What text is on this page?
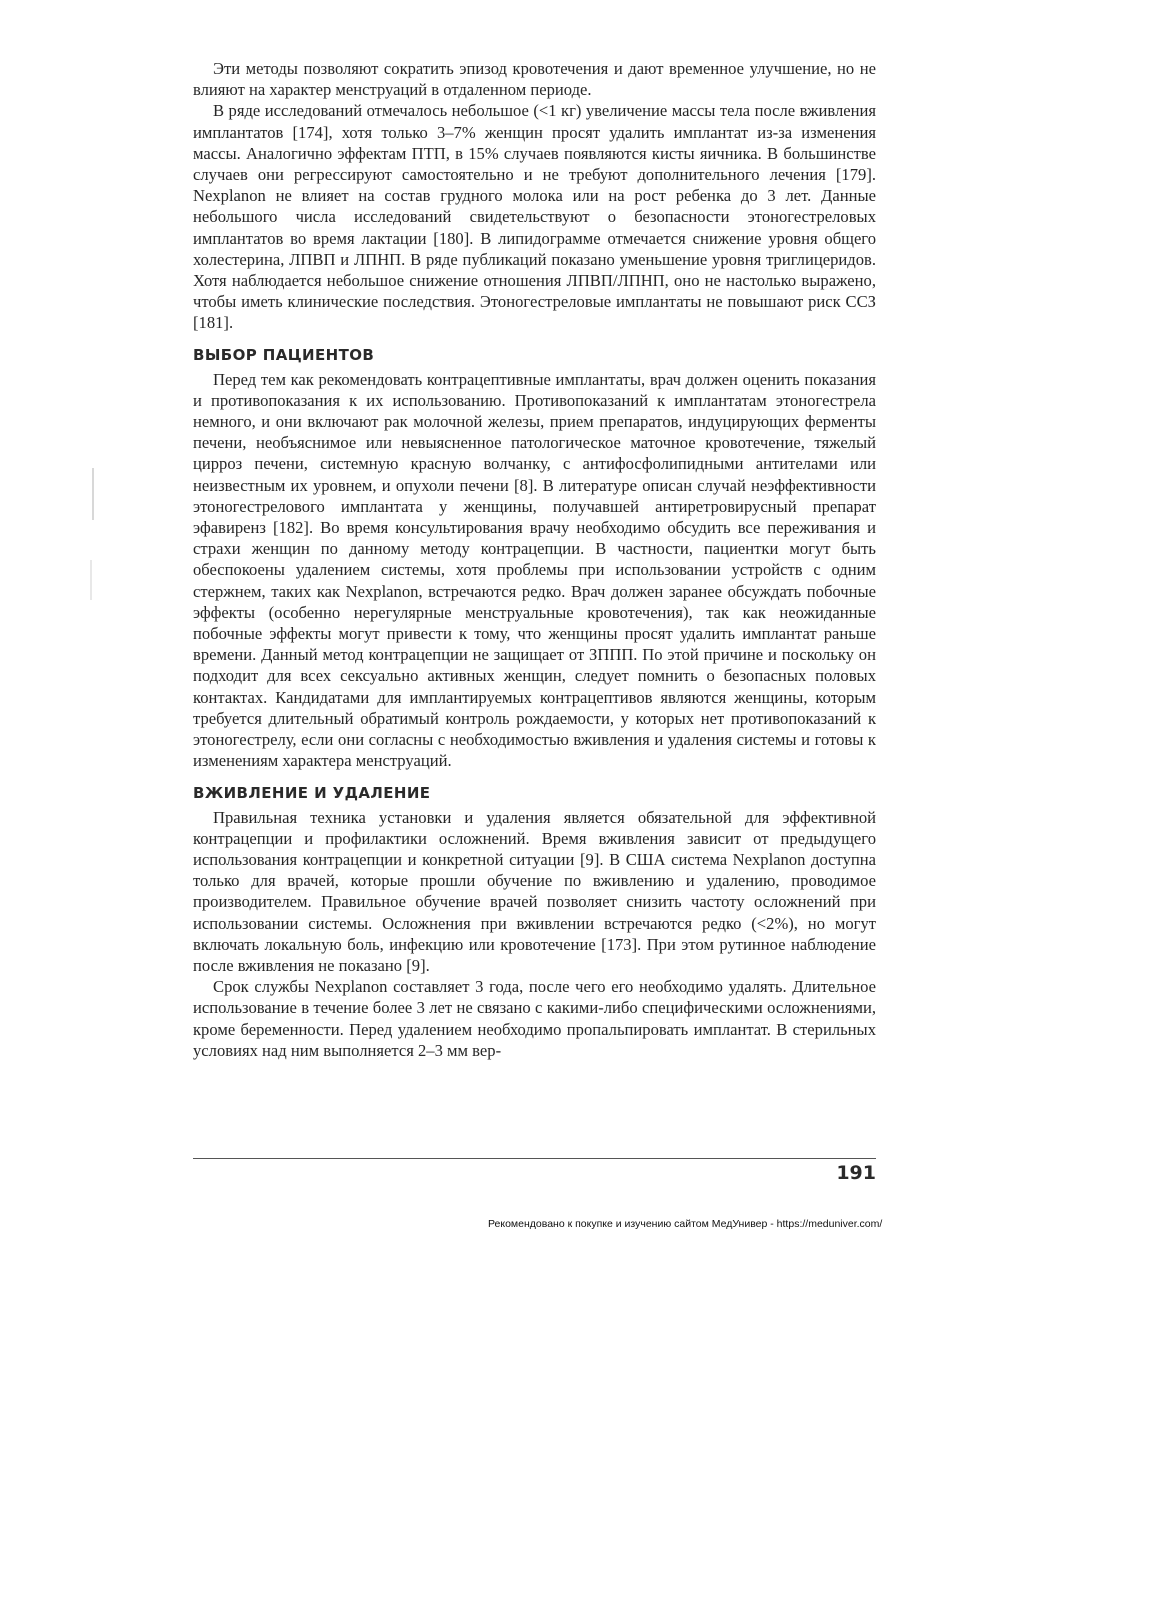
Эти методы позволяют сократить эпизод кровотечения и дают временное улучшение, но не влияют на характер менструаций в отдаленном периоде.

В ряде исследований отмечалось небольшое (<1 кг) увеличение массы тела после вживления имплантатов [174], хотя только 3–7% женщин просят удалить имплантат из-за изменения массы. Аналогично эффектам ПТП, в 15% случаев появляются кисты яичника. В большинстве случаев они регрессируют самостоятельно и не требуют дополнительного лечения [179]. Nexplanon не влияет на состав грудного молока или на рост ребенка до 3 лет. Данные небольшого числа исследований свидетельствуют о безопасности этоногестреловых имплантатов во время лактации [180]. В липидограмме отмечается снижение уровня общего холестерина, ЛПВП и ЛПНП. В ряде публикаций показано уменьшение уровня триглицеридов. Хотя наблюдается небольшое снижение отношения ЛПВП/ЛПНП, оно не настолько выражено, чтобы иметь клинические последствия. Этоногестреловые имплантаты не повышают риск ССЗ [181].

ВЫБОР ПАЦИЕНТОВ

Перед тем как рекомендовать контрацептивные имплантаты, врач должен оценить показания и противопоказания к их использованию. Противопоказаний к имплантатам этоногестрела немного, и они включают рак молочной железы, прием препаратов, индуцирующих ферменты печени, необъяснимое или невыясненное патологическое маточное кровотечение, тяжелый цирроз печени, системную красную волчанку, с антифосфолипидными антителами или неизвестным их уровнем, и опухоли печени [8]. В литературе описан случай неэффективности этоногестрелового имплантата у женщины, получавшей антиретровирусный препарат эфавиренз [182]. Во время консультирования врачу необходимо обсудить все переживания и страхи женщин по данному методу контрацепции. В частности, пациентки могут быть обеспокоены удалением системы, хотя проблемы при использовании устройств с одним стержнем, таких как Nexplanon, встречаются редко. Врач должен заранее обсуждать побочные эффекты (особенно нерегулярные менструальные кровотечения), так как неожиданные побочные эффекты могут привести к тому, что женщины просят удалить имплантат раньше времени. Данный метод контрацепции не защищает от ЗППП. По этой причине и поскольку он подходит для всех сексуально активных женщин, следует помнить о безопасных половых контактах. Кандидатами для имплантируемых контрацептивов являются женщины, которым требуется длительный обратимый контроль рождаемости, у которых нет противопоказаний к этоногестрелу, если они согласны с необходимостью вживления и удаления системы и готовы к изменениям характера менструаций.

ВЖИВЛЕНИЕ И УДАЛЕНИЕ

Правильная техника установки и удаления является обязательной для эффективной контрацепции и профилактики осложнений. Время вживления зависит от предыдущего использования контрацепции и конкретной ситуации [9]. В США система Nexplanon доступна только для врачей, которые прошли обучение по вживлению и удалению, проводимое производителем. Правильное обучение врачей позволяет снизить частоту осложнений при использовании системы. Осложнения при вживлении встречаются редко (<2%), но могут включать локальную боль, инфекцию или кровотечение [173]. При этом рутинное наблюдение после вживления не показано [9].

Срок службы Nexplanon составляет 3 года, после чего его необходимо удалять. Длительное использование в течение более 3 лет не связано с какими-либо специфическими осложнениями, кроме беременности. Перед удалением необходимо пропальпировать имплантат. В стерильных условиях над ним выполняется 2–3 мм вер-

191
Рекомендовано к покупке и изучению сайтом МедУнивер - https://meduniver.com/
